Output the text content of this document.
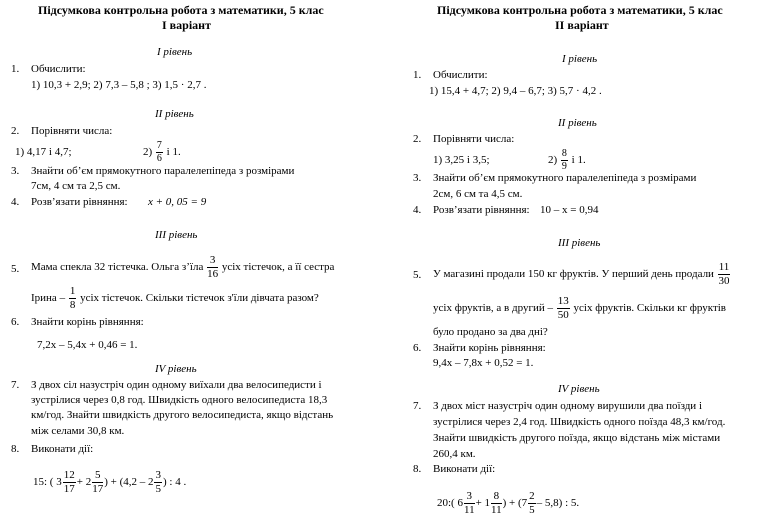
Підсумкова контрольна робота з математики, 5 клас
І варіант
І рівень
1. Обчислити:
1) 10,3 + 2,9; 2) 7,3 – 5,8 ; 3) 1,5 · 2,7 .
ІІ рівень
2. Порівняти числа:
1) 4,17 і 4,7;	$2) \frac{7}{6}$ і 1.
3. Знайти об’єм прямокутного паралелепіпеда з розмірами
7см, 4 см та 2,5 см.
4. Розв’язати рівняння: x + 0, 05 = 9
ІІІ рівень
5. Мама спекла 32 тістечка. Ольга з’їла $\frac{3}{16}$ усіх тістечок, а її сестра
Ірина – $\frac{1}{8}$ усіх тістечок. Скільки тістечок з'їли дівчата разом?
6. Знайти корінь рівняння:
7,2x – 5,4x + 0,46 = 1.
ІV рівень
7. З двох сіл назустріч один одному виїхали два велосипедисти і
зустрілися через 0,8 год. Швидкість одного велосипедиста 18,3
км/год. Знайти швидкість другого велосипедиста, якщо відстань
між селами 30,8 км.
8. Виконати дії:
15: ( $3 \frac{12}{17} + 2 \frac{5}{17}$ ) + ($4,2 - 2 \frac{3}{5}$ ) : 4 .
Підсумкова контрольна робота з математики, 5 клас
ІІ варіант
І рівень
1. Обчислити:
1) 15,4 + 4,7; 2) 9,4 – 6,7; 3) 5,7 · 4,2 .
ІІ рівень
2. Порівняти числа:
1) 3,25 і 3,5;	$2) \frac{8}{9}$ і 1.
3. Знайти об’єм прямокутного паралелепіпеда з розмірами
2см, 6 см та 4,5 см.
4. Розв’язати рівняння: 10 – x = 0,94
ІІІ рівень
5. У магазині продали 150 кг фруктів. У перший день продали $\frac{11}{30}$
усіх фруктів, а в другий – $\frac{13}{50}$ усіх фруктів. Скільки кг фруктів
було продано за два дні?
6. Знайти корінь рівняння:
9,4x – 7,8x + 0,52 = 1.
ІV рівень
7. З двох міст назустріч один одному вирушили два поїзди і
зустрілися через 2,4 год. Швидкість одного поїзда 48,3 км/год.
Знайти швидкість другого поїзда, якщо відстань між містами
260,4 км.
8. Виконати дії:
20:( $6 \frac{3}{11} + 1 \frac{8}{11}$ ) + $(7 \frac{2}{5} - 5,8)$ : 5.
